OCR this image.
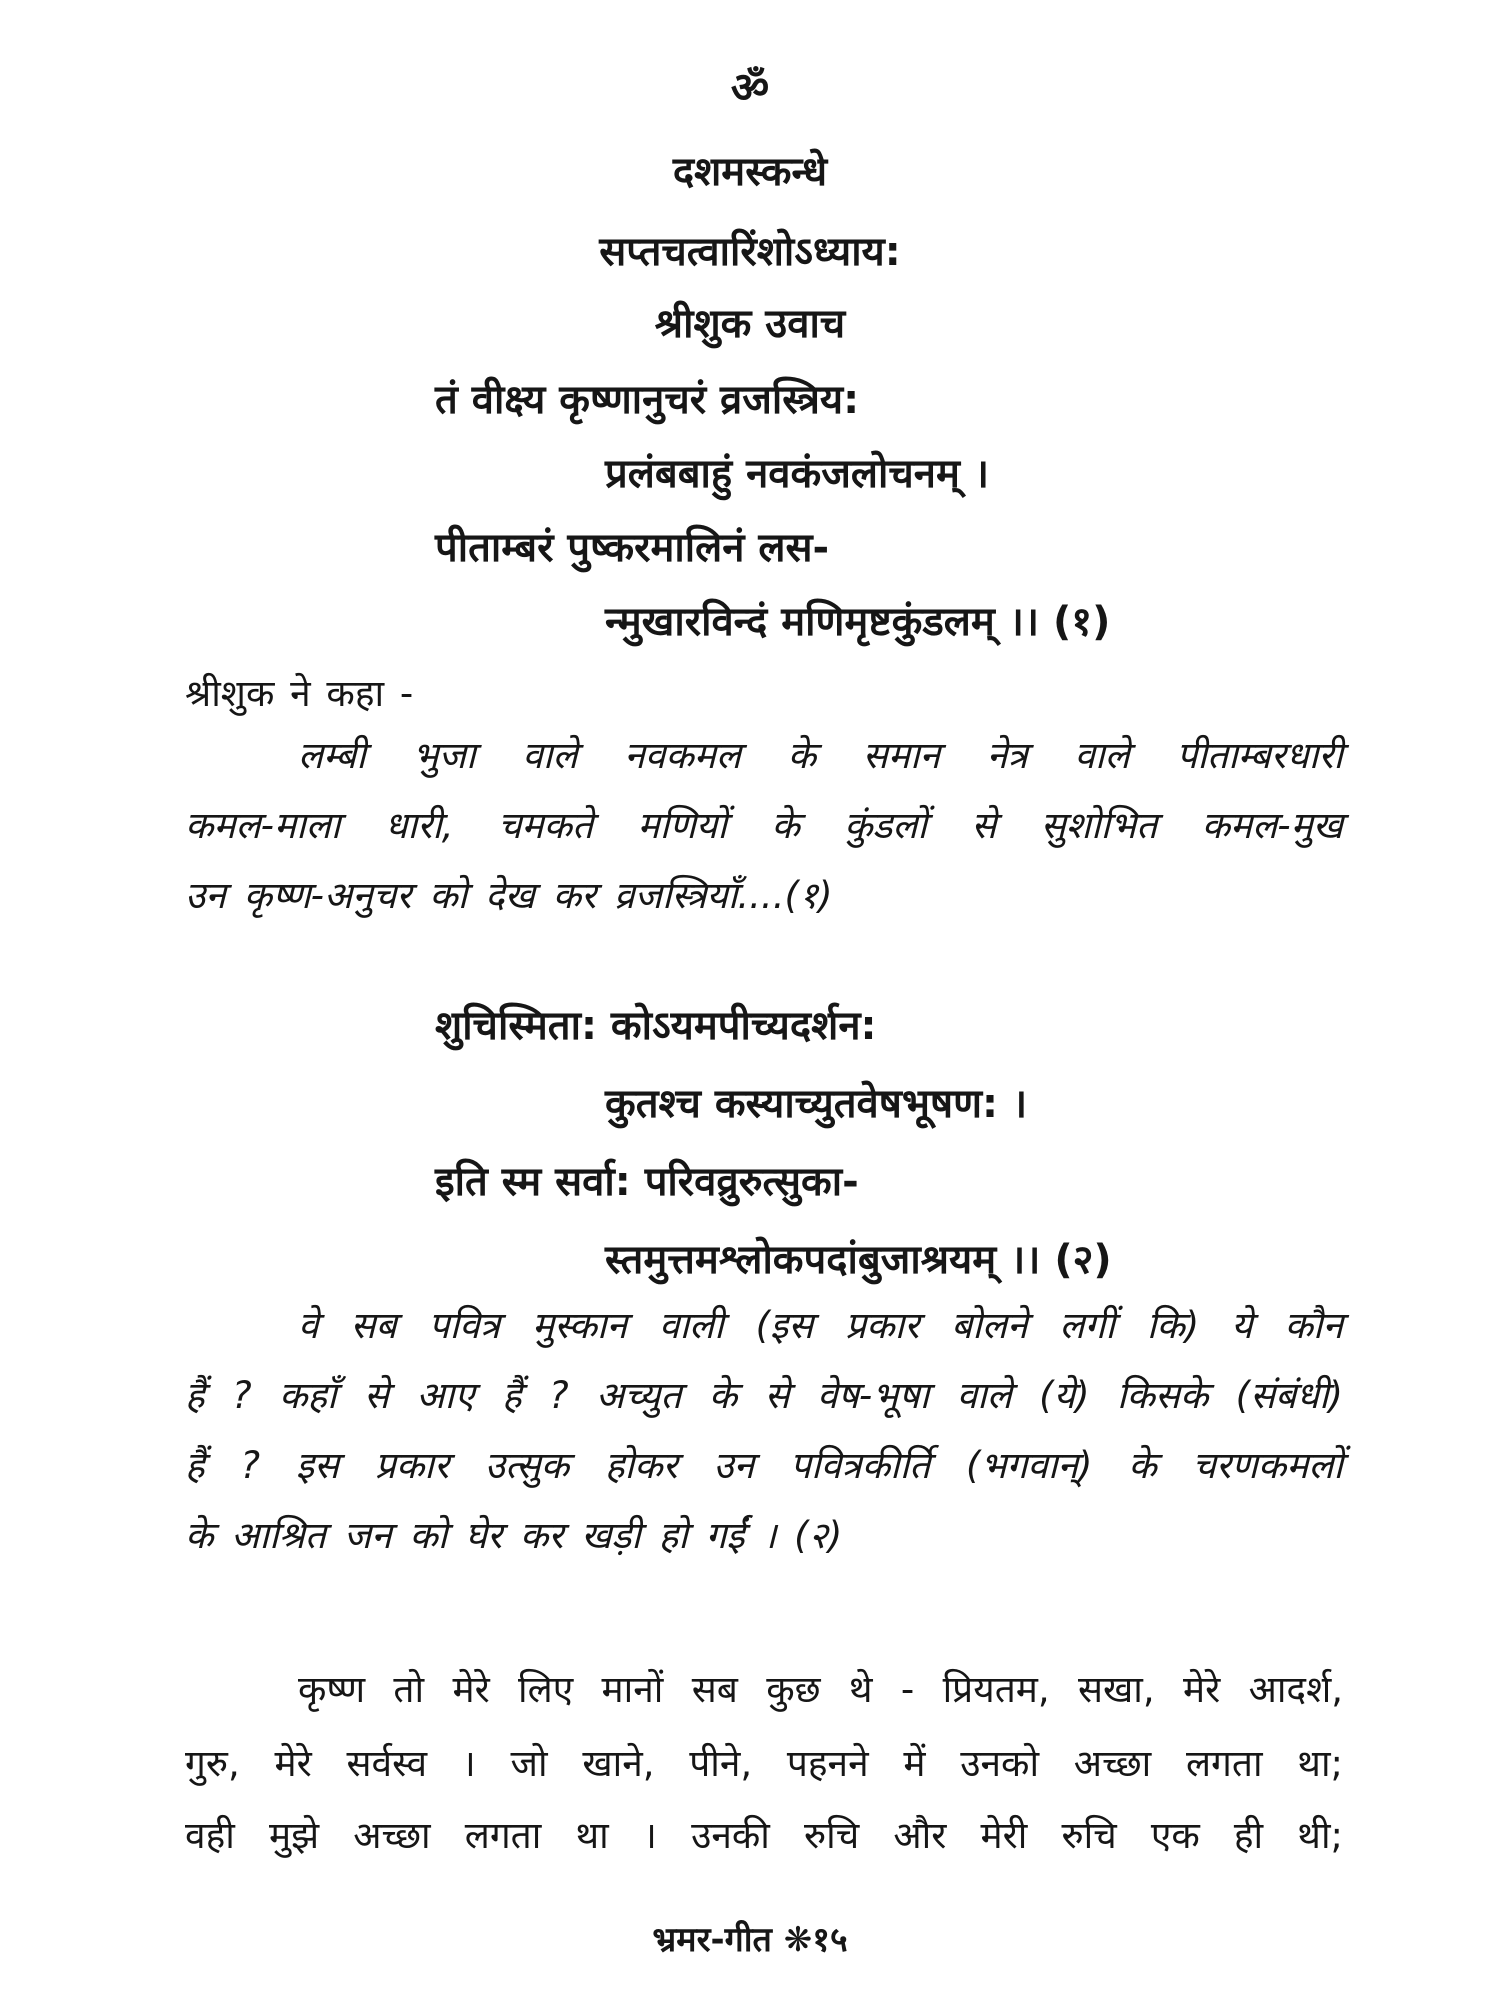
ॐ
दशमस्कन्धे
सप्तचत्वारिंशोऽध्याय:
श्रीशुक उवाच
तं वीक्ष्य कृष्णानुचरं व्रजस्त्रिय:
प्रलंबबाहुं नवकंजलोचनम् ।
पीताम्बरं पुष्करमालिनं लस-
न्मुखारविन्दं मणिमृष्टकुंडलम् ।। (१)
श्रीशुक ने कहा -
लम्बी भुजा वाले नवकमल के समान नेत्र वाले पीताम्बरधारी
कमल-माला धारी, चमकते मणियों के कुंडलों से सुशोभित कमल-मुख
उन कृष्ण-अनुचर को देख कर व्रजस्त्रियाँ....(१)
शुचिस्मिता: कोऽयमपीच्यदर्शन:
कुतश्च कस्याच्युतवेषभूषण: ।
इति स्म सर्वा: परिवव्रुरुत्सुका-
स्तमुत्तमश्लोकपदांबुजाश्रयम् ।। (२)
वे सब पवित्र मुस्कान वाली (इस प्रकार बोलने लगीं कि) ये कौन
हैं ? कहाँ से आए हैं ? अच्युत के से वेष-भूषा वाले (ये) किसके (संबंधी)
हैं ? इस प्रकार उत्सुक होकर उन पवित्रकीर्ति (भगवान्) के चरणकमलों
के आश्रित जन को घेर कर खड़ी हो गईं । (२)
कृष्ण तो मेरे लिए मानों सब कुछ थे - प्रियतम, सखा, मेरे आदर्श,
गुरु, मेरे सर्वस्व । जो खाने, पीने, पहनने में उनको अच्छा लगता था;
वही मुझे अच्छा लगता था । उनकी रुचि और मेरी रुचि एक ही थी;
भ्रमर-गीत ❋१५
